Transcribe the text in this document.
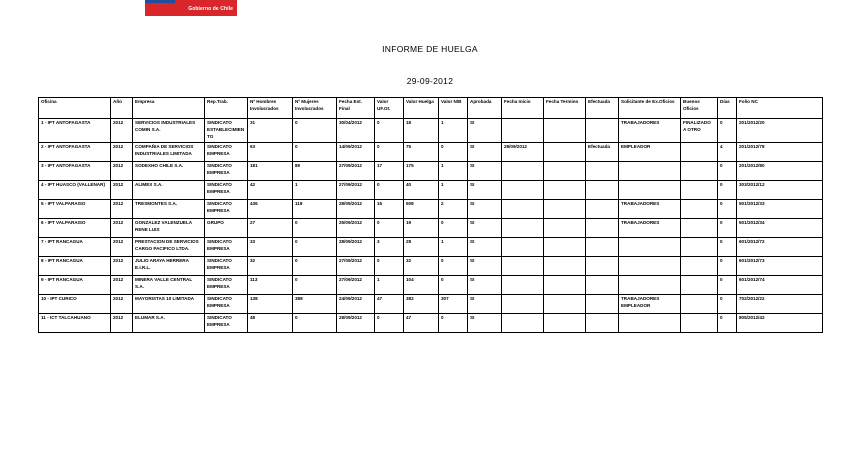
Gobierno de Chile
INFORME DE HUELGA
29-09-2012
Oficina	Año	Empresa	Rep.Trab.	Nº Hombres Involucrados	Nº Mujeres Involucrados	Fecha Est. Final	Valor UF.Ot.	Valor Huelga	Valor N/B	Aprobada	Fecha Inicio	Fecha Termino	Efectuada	Solicitante de Ex.Oficios	Buenos Oficios	Días	Folio NC
1 - IPT ANTOFAGASTA	2012	SERVICIOS INDUSTRIALES COMIN S.A.	SINDICATO ESTABLECIMIENTO	31	0	30/04/2012	0	18	1	SI				TRABAJADORES	FINALIZADO A OTRO	0	201/2012/20
2 - IPT ANTOFAGASTA	2012	COMPAÑIA DE SERVICIOS INDUSTRIALES LIMITADA	SINDICATO EMPRESA	63	0	14/09/2012	0	75	0	SI	28/09/2012		Efectuada	EMPLEADOR		4	201/2012/78
3 - IPT ANTOFAGASTA	2012	SODEXHO CHILE S.A.	SINDICATO EMPRESA	181	89	27/09/2012	17	175	1	SI						0	201/2012/80
4 - IPT HUASCO (VALLENAR)	2012	ALIMEX S.A.	SINDICATO EMPRESA	42	1	27/09/2012	0	40	1	SI						0	303/2012/12
5 - IPT VALPARAISO	2012	TRESMONTES S.A.	SINDICATO EMPRESA	436	118	28/09/2012	15	508	2	SI				TRABAJADORES		0	501/2012/33
6 - IPT VALPARAISO	2012	GONZALEZ VALENZUELA RENE LUIS	GRUPO	27	0	25/09/2012	0	19	0	SI				TRABAJADORES		0	501/2012/34
7 - IPT RANCAGUA	2012	PRESTACION DE SERVICIOS CARGO PACIFICO LTDA.	SINDICATO EMPRESA	33	0	28/09/2012	3	28	1	SI						0	601/2012/72
8 - IPT RANCAGUA	2012	JULIO ARAYA HERRERA E.I.R.L.	SINDICATO EMPRESA	32	0	27/09/2012	0	32	0	SI						0	601/2012/73
9 - IPT RANCAGUA	2012	MINERA VALLE CENTRAL S.A.	SINDICATO EMPRESA	113	0	27/09/2012	1	104	0	SI						0	601/2012/74
10 - IPT CURICO	2012	MAYORISTAS 10 LIMITADA	SINDICATO EMPRESA	138	388	24/09/2012	47	382	307	SI				TRABAJADORES EMPLEADOR		0	702/2012/22
11 - ICT TALCAHUANO	2012	ELUMAR S.A.	SINDICATO EMPRESA	48	0	28/09/2012	0	47	0	SI						0	805/2012/42
